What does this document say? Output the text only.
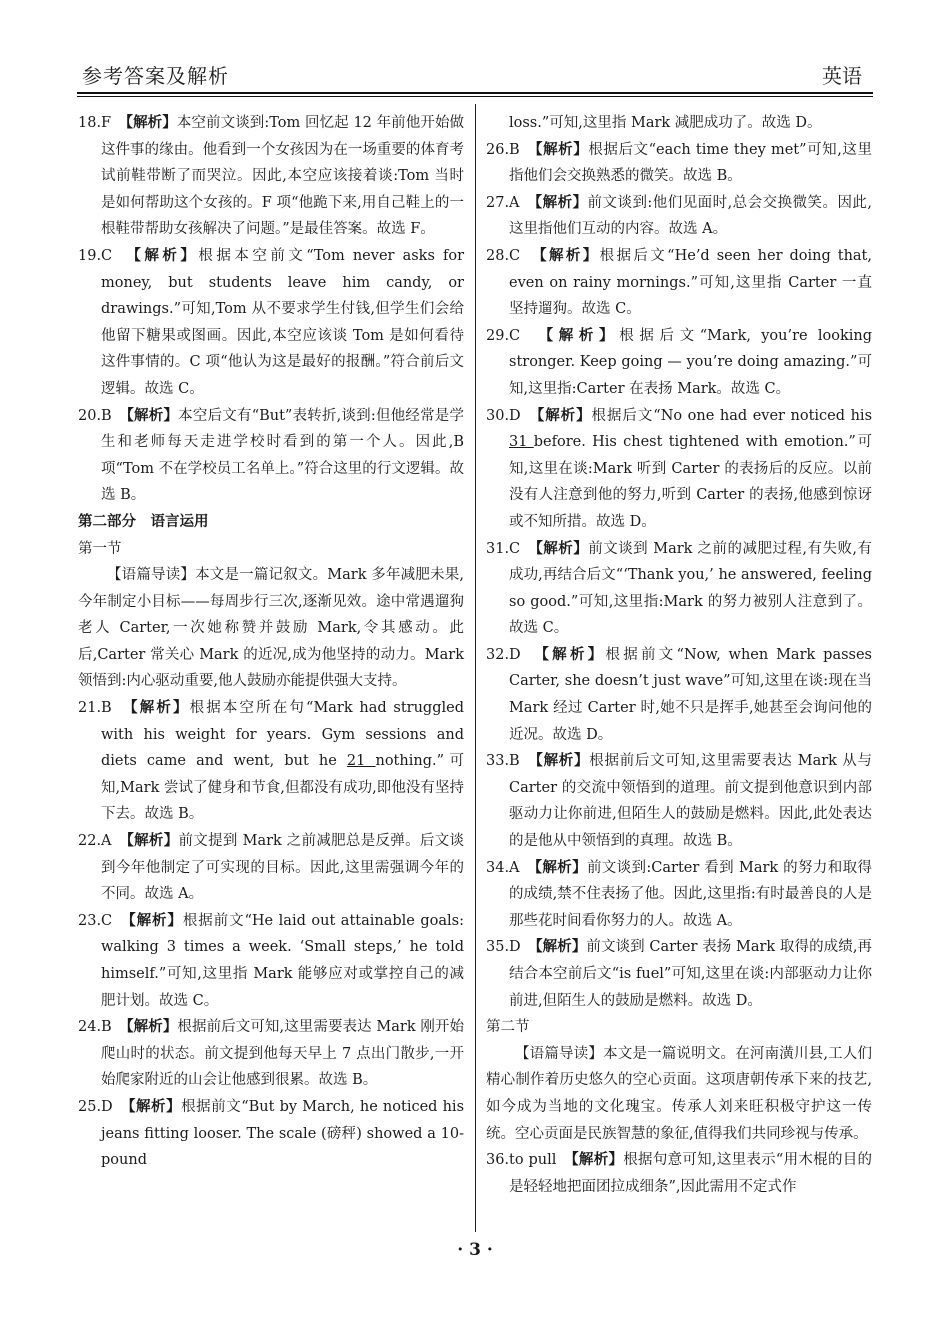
参考答案及解析	英语
18. F　 【解析】本空前文谈到:Tom 回忆起 12 年前他开始做这件事的缘由。他看到一个女孩因为在一场重要的体育考试前鞋带断了而哭泣。因此,本空应该接着谈:Tom 当时是如何帮助这个女孩的。F 项“他跪下来,用自己鞋上的一根鞋带帮助女孩解决了问题。”是最佳答案。故选 F。
19. C　 【解析】根据本空前文“Tom never asks for money, but students leave him candy, or drawings.”可知,Tom 从不要求学生付钱,但学生们会给他留下糖果或图画。因此,本空应该谈 Tom 是如何看待这件事情的。C 项“他认为这是最好的报酬。”符合前后文逻辑。故选 C。
20. B　 【解析】本空后文有“But”表转折,谈到:但他经常是学生和老师每天走进学校时看到的第一个人。因此,B 项“Tom 不在学校员工名单上。”符合这里的行文逻辑。故选 B。
第二部分　语言运用
第一节
【语篇导读】本文是一篇记叙文。Mark 多年减肥未果,今年制定小目标——每周步行三次,逐渐见效。途中常遇遛狗老人 Carter,一次她称赞并鼓励 Mark,令其感动。此后,Carter 常关心 Mark 的近况,成为他坚持的动力。Mark 领悟到:内心驱动重要,他人鼓励亦能提供强大支持。
21. B　 【解析】根据本空所在句“Mark had struggled with his weight for years. Gym sessions and diets came and went, but he 21 nothing.”可知,Mark 尝试了健身和节食,但都没有成功,即他没有坚持下去。故选 B。
22. A　 【解析】前文提到 Mark 之前减肥总是反弹。后文谈到今年他制定了可实现的目标。因此,这里需强调今年的不同。故选 A。
23. C　 【解析】根据前文“He laid out attainable goals: walking 3 times a week. ‘Small steps,’ he told himself.”可知,这里指 Mark 能够应对或掌控自己的减肥计划。故选 C。
24. B　 【解析】根据前后文可知,这里需要表达 Mark 刚开始爬山时的状态。前文提到他每天早上 7 点出门散步,一开始爬家附近的山会让他感到很累。故选 B。
25. D　 【解析】根据前文“But by March, he noticed his jeans fitting looser. The scale (磅秤) showed a 10-pound
loss.”可知,这里指 Mark 减肥成功了。故选 D。
26. B　 【解析】根据后文“each time they met”可知,这里指他们会交换熟悉的微笑。故选 B。
27. A　 【解析】前文谈到:他们见面时,总会交换微笑。因此,这里指他们互动的内容。故选 A。
28. C　 【解析】根据后文“He’d seen her doing that, even on rainy mornings.”可知,这里指 Carter 一直坚持遛狗。故选 C。
29. C　 【解析】根据后文“Mark, you’re looking stronger. Keep going — you’re doing amazing.”可知,这里指:Carter 在表扬 Mark。故选 C。
30. D　 【解析】根据后文“No one had ever noticed his 31 before. His chest tightened with emotion.”可知,这里在谈:Mark 听到 Carter 的表扬后的反应。以前没有人注意到他的努力,听到 Carter 的表扬,他感到惊讶或不知所措。故选 D。
31. C　 【解析】前文谈到 Mark 之前的减肥过程,有失败,有成功,再结合后文“‘Thank you,’ he answered, feeling so good.”可知,这里指:Mark 的努力被别人注意到了。故选 C。
32. D　 【解析】根据前文“Now, when Mark passes Carter, she doesn’t just wave”可知,这里在谈:现在当 Mark 经过 Carter 时,她不只是挥手,她甚至会询问他的近况。故选 D。
33. B　 【解析】根据前后文可知,这里需要表达 Mark 从与 Carter 的交流中领悟到的道理。前文提到他意识到内部驱动力让你前进,但陌生人的鼓励是燃料。因此,此处表达的是他从中领悟到的真理。故选 B。
34. A　 【解析】前文谈到:Carter 看到 Mark 的努力和取得的成绩,禁不住表扬了他。因此,这里指:有时最善良的人是那些花时间看你努力的人。故选 A。
35. D　 【解析】前文谈到 Carter 表扬 Mark 取得的成绩,再结合本空前后文“is fuel”可知,这里在谈:内部驱动力让你前进,但陌生人的鼓励是燃料。故选 D。
第二节
【语篇导读】本文是一篇说明文。在河南潢川县,工人们精心制作着历史悠久的空心贡面。这项唐朝传承下来的技艺,如今成为当地的文化瑰宝。传承人刘来旺积极守护这一传统。空心贡面是民族智慧的象征,值得我们共同珍视与传承。
36. to pull　 【解析】根据句意可知,这里表示“用木棍的目的是轻轻地把面团拉成细条”,因此需用不定式作
· 3 ·
